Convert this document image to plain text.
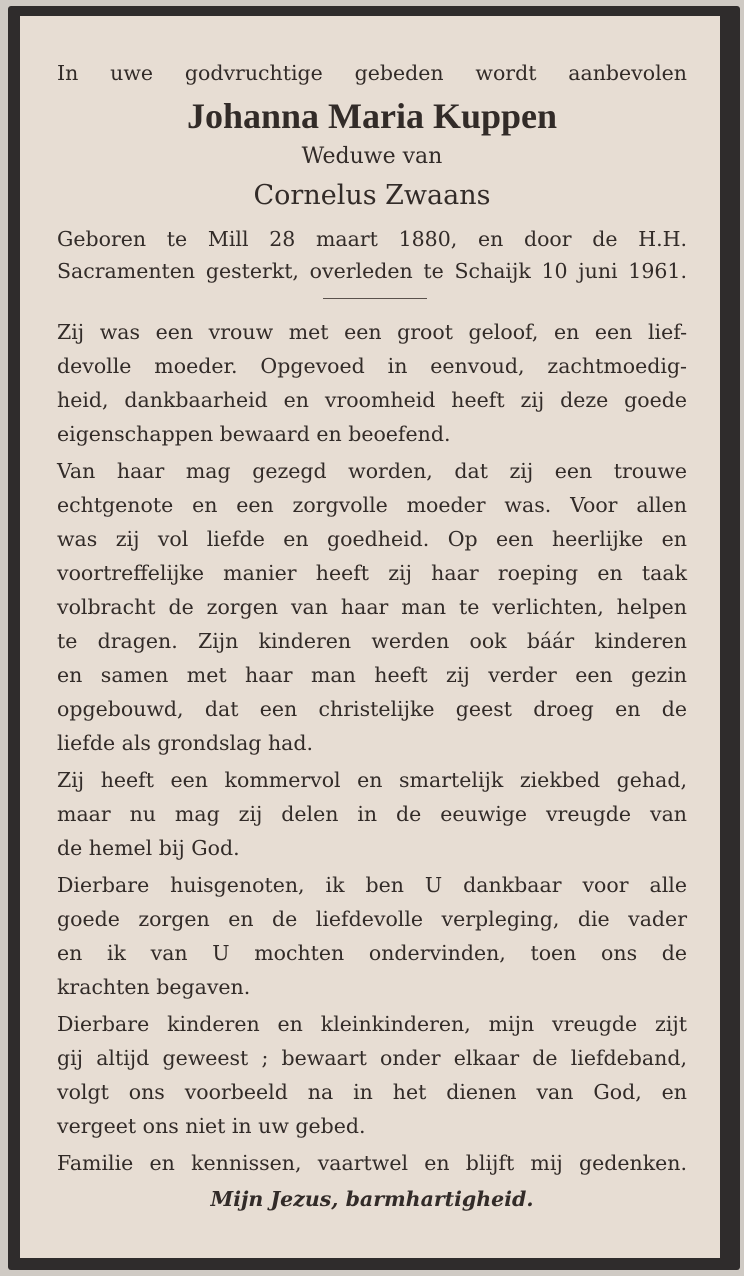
In uwe godvruchtige gebeden wordt aanbevolen
Johanna Maria Kuppen
Weduwe van
Cornelus Zwaans
Geboren te Mill 28 maart 1880, en door de H.H.
Sacramenten gesterkt, overleden te Schaijk 10 juni 1961.
Zij was een vrouw met een groot geloof, en een lief-
devolle moeder. Opgevoed in eenvoud, zachtmoedig-
heid, dankbaarheid en vroomheid heeft zij deze goede
eigenschappen bewaard en beoefend.
Van haar mag gezegd worden, dat zij een trouwe
echtgenote en een zorgvolle moeder was. Voor allen
was zij vol liefde en goedheid. Op een heerlijke en
voortreffelijke manier heeft zij haar roeping en taak
volbracht de zorgen van haar man te verlichten, helpen
te dragen. Zijn kinderen werden ook báár kinderen
en samen met haar man heeft zij verder een gezin
opgebouwd, dat een christelijke geest droeg en de
liefde als grondslag had.
Zij heeft een kommervol en smartelijk ziekbed gehad,
maar nu mag zij delen in de eeuwige vreugde van
de hemel bij God.
Dierbare huisgenoten, ik ben U dankbaar voor alle
goede zorgen en de liefdevolle verpleging, die vader
en ik van U mochten ondervinden, toen ons de
krachten begaven.
Dierbare kinderen en kleinkinderen, mijn vreugde zijt
gij altijd geweest ; bewaart onder elkaar de liefdeband,
volgt ons voorbeeld na in het dienen van God, en
vergeet ons niet in uw gebed.
Familie en kennissen, vaartwel en blijft mij gedenken.
Mijn Jezus, barmhartigheid.
